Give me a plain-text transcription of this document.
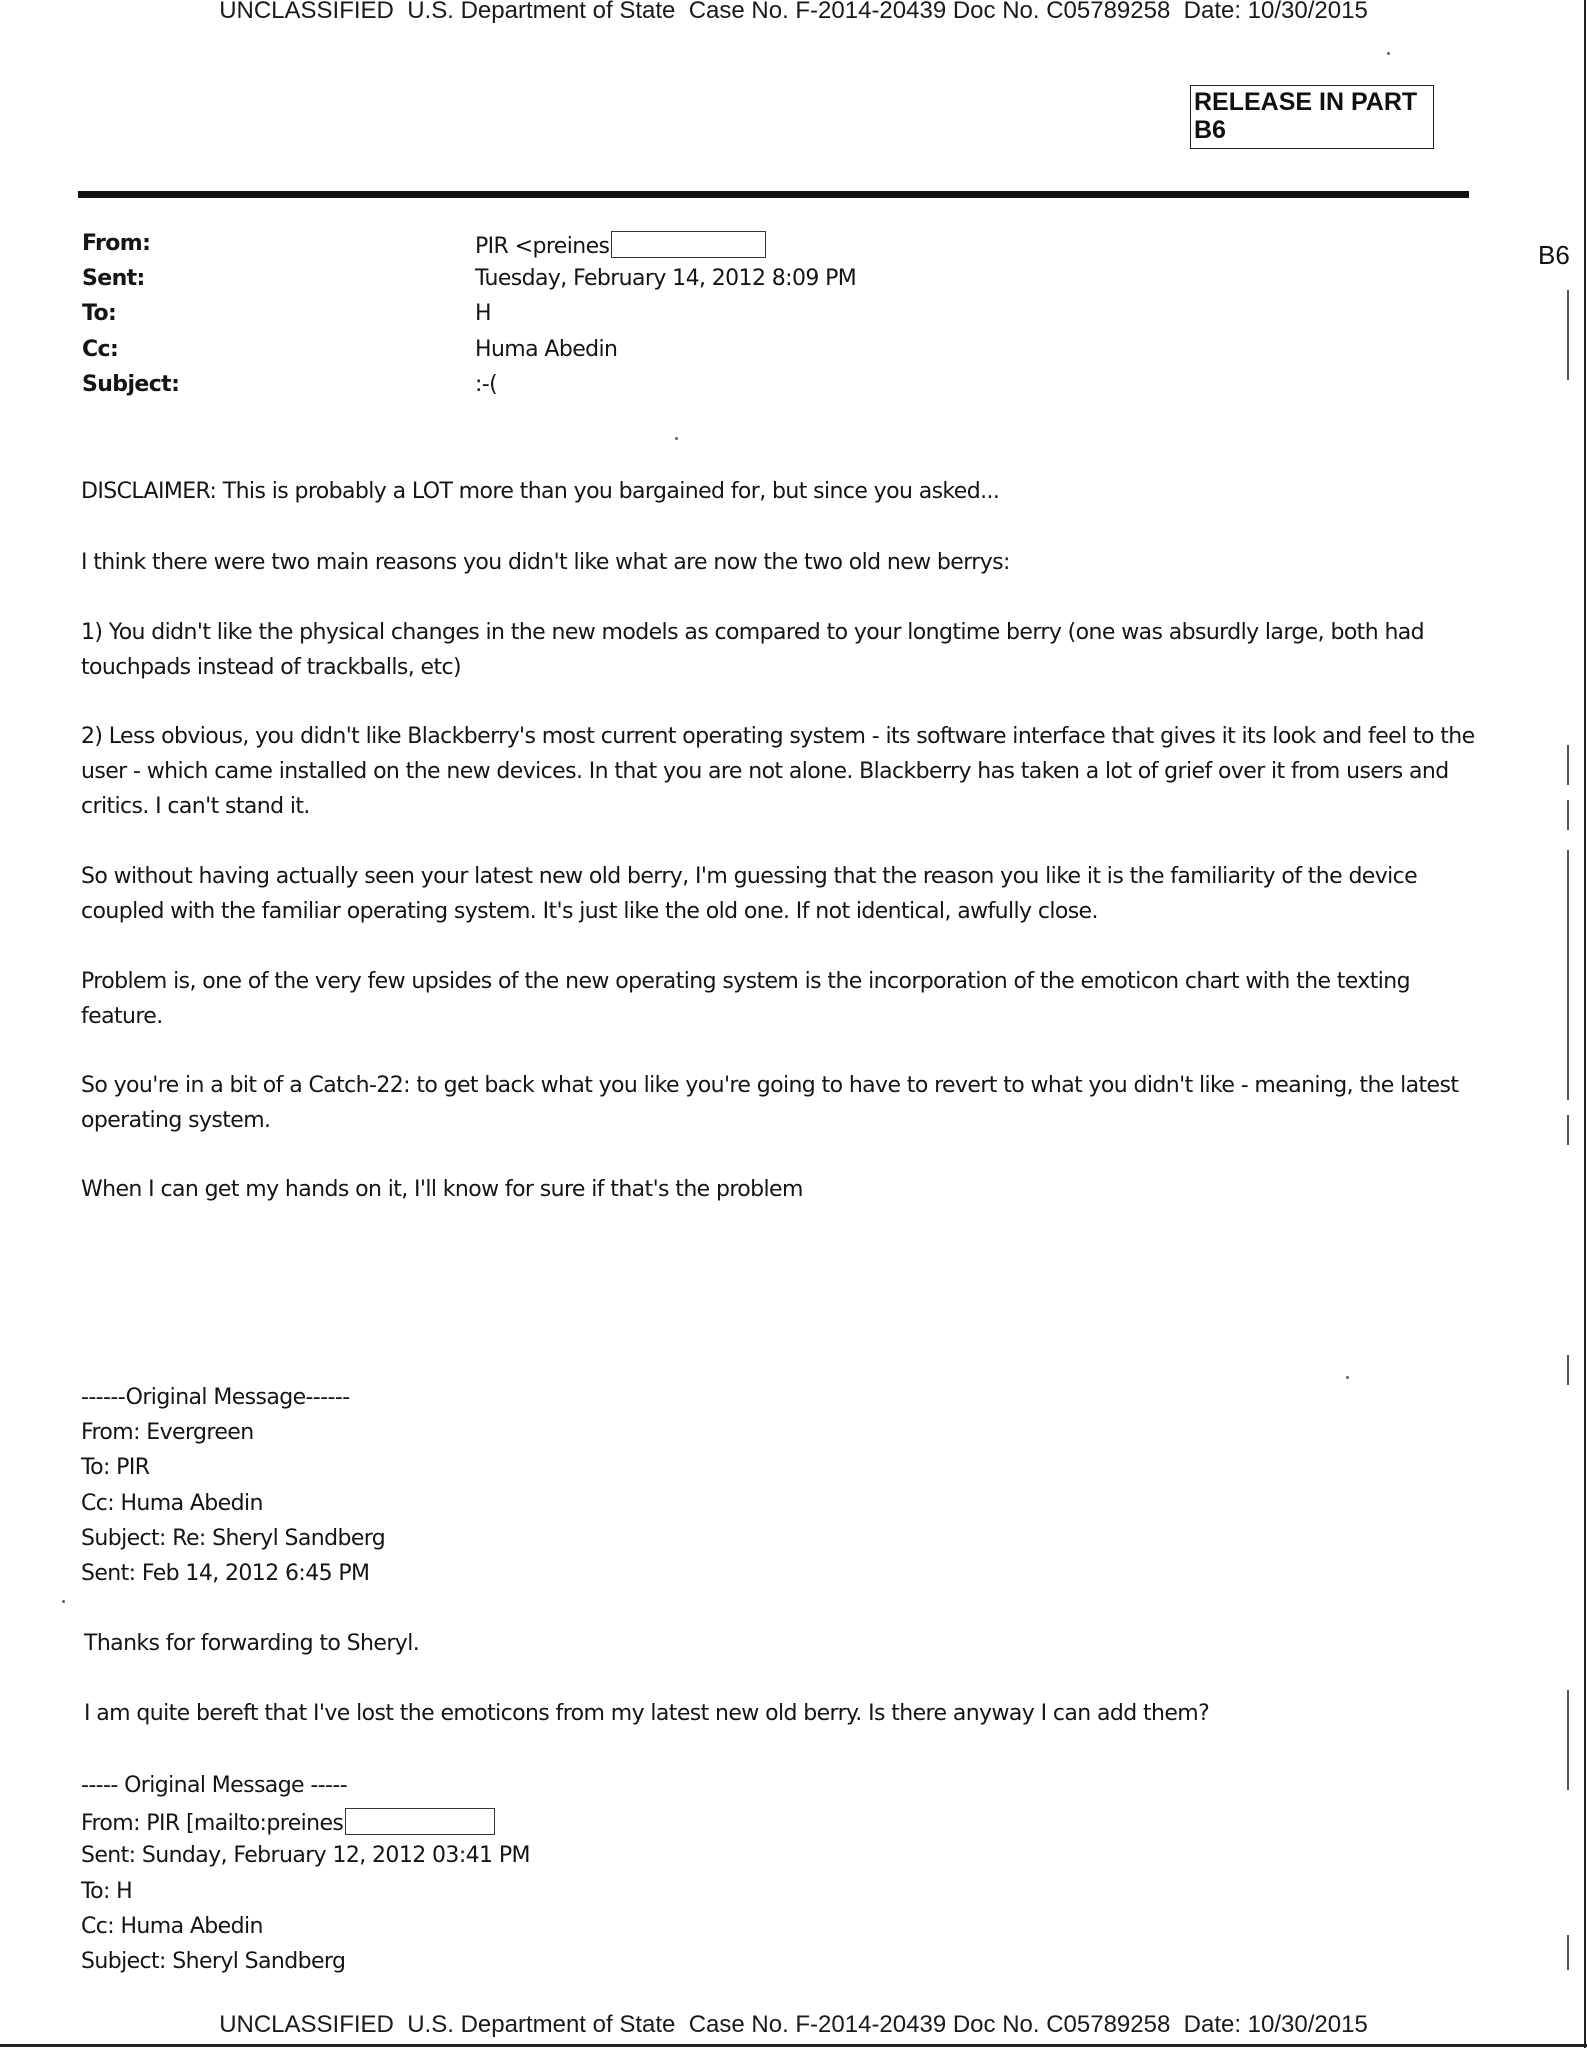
UNCLASSIFIED  U.S. Department of State  Case No. F-2014-20439 Doc No. C05789258  Date: 10/30/2015
RELEASE IN PART
B6
B6
From:	PIR <preines
Sent:	Tuesday, February 14, 2012 8:09 PM
To:	H
Cc:	Huma Abedin
Subject:	:-(
DISCLAIMER: This is probably a LOT more than you bargained for, but since you asked...
I think there were two main reasons you didn't like what are now the two old new berrys:
1) You didn't like the physical changes in the new models as compared to your longtime berry (one was absurdly large, both had touchpads instead of trackballs, etc)
2) Less obvious, you didn't like Blackberry's most current operating system - its software interface that gives it its look and feel to the user - which came installed on the new devices. In that you are not alone. Blackberry has taken a lot of grief over it from users and critics. I can't stand it.
So without having actually seen your latest new old berry, I'm guessing that the reason you like it is the familiarity of the device coupled with the familiar operating system. It's just like the old one. If not identical, awfully close.
Problem is, one of the very few upsides of the new operating system is the incorporation of the emoticon chart with the texting feature.
So you're in a bit of a Catch-22: to get back what you like you're going to have to revert to what you didn't like - meaning, the latest operating system.
When I can get my hands on it, I'll know for sure if that's the problem
------Original Message------
From: Evergreen
To: PIR
Cc: Huma Abedin
Subject: Re: Sheryl Sandberg
Sent: Feb 14, 2012 6:45 PM
Thanks for forwarding to Sheryl.
I am quite bereft that I've lost the emoticons from my latest new old berry. Is there anyway I can add them?
----- Original Message -----
From: PIR [mailto:preines
Sent: Sunday, February 12, 2012 03:41 PM
To: H
Cc: Huma Abedin
Subject: Sheryl Sandberg
UNCLASSIFIED  U.S. Department of State  Case No. F-2014-20439 Doc No. C05789258  Date: 10/30/2015
